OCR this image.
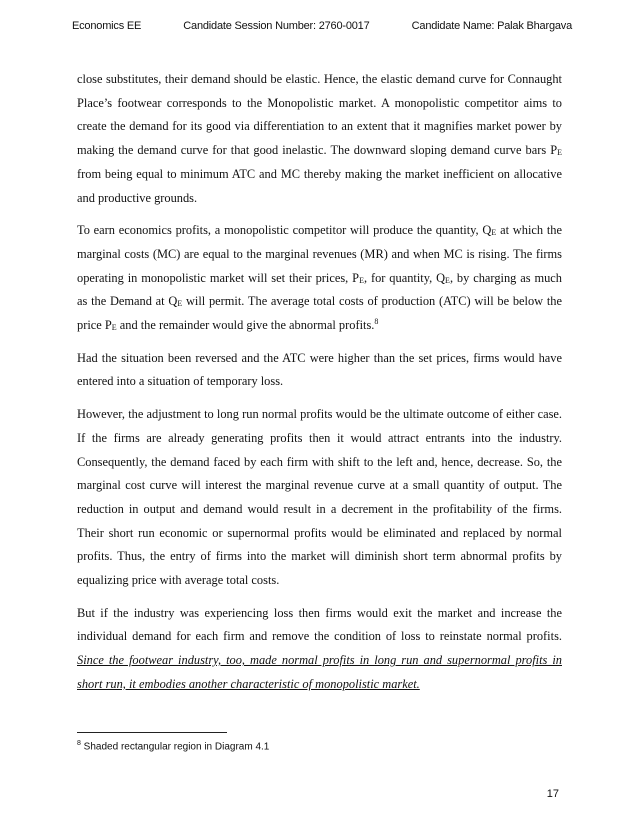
Economics EE	Candidate Session Number: 2760-0017	Candidate Name: Palak Bhargava

close substitutes, their demand should be elastic. Hence, the elastic demand curve for Connaught Place’s footwear corresponds to the Monopolistic market. A monopolistic competitor aims to create the demand for its good via differentiation to an extent that it magnifies market power by making the demand curve for that good inelastic. The downward sloping demand curve bars $P_E$ from being equal to minimum ATC and MC thereby making the market inefficient on allocative and productive grounds.

To earn economics profits, a monopolistic competitor will produce the quantity, $Q_E$ at which the marginal costs (MC) are equal to the marginal revenues (MR) and when MC is rising. The firms operating in monopolistic market will set their prices, $P_E$, for quantity, $Q_E$, by charging as much as the Demand at $Q_E$ will permit. The average total costs of production (ATC) will be below the price $P_E$ and the remainder would give the abnormal profits.$^8$

Had the situation been reversed and the ATC were higher than the set prices, firms would have entered into a situation of temporary loss.

However, the adjustment to long run normal profits would be the ultimate outcome of either case. If the firms are already generating profits then it would attract entrants into the industry. Consequently, the demand faced by each firm with shift to the left and, hence, decrease. So, the marginal cost curve will interest the marginal revenue curve at a small quantity of output. The reduction in output and demand would result in a decrement in the profitability of the firms. Their short run economic or supernormal profits would be eliminated and replaced by normal profits. Thus, the entry of firms into the market will diminish short term abnormal profits by equalizing price with average total costs.

But if the industry was experiencing loss then firms would exit the market and increase the individual demand for each firm and remove the condition of loss to reinstate normal profits. Since the footwear industry, too, made normal profits in long run and supernormal profits in short run, it embodies another characteristic of monopolistic market.

$^8$ Shaded rectangular region in Diagram 4.1
17
